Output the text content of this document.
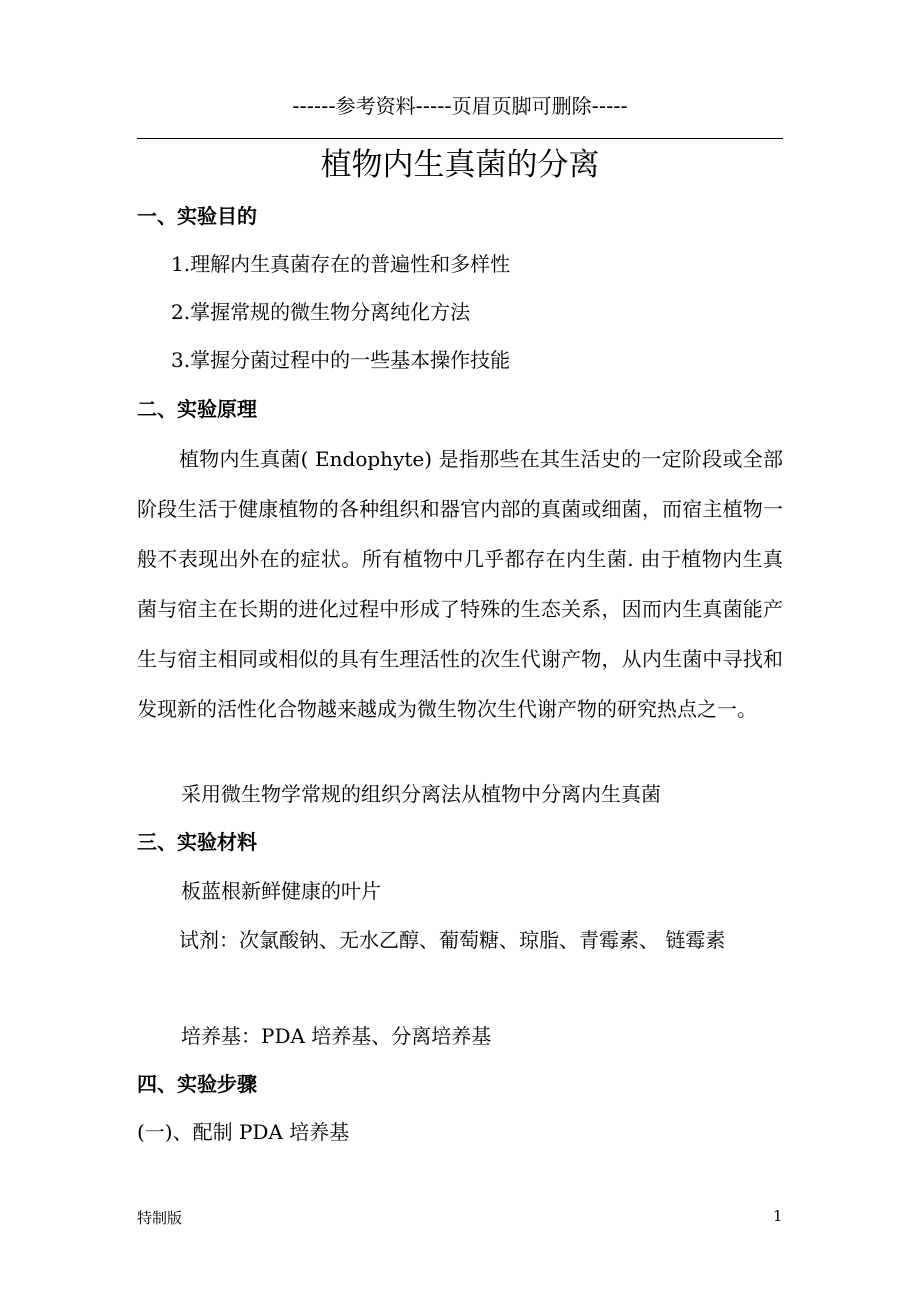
------参考资料-----页眉页脚可删除-----
植物内生真菌的分离
一、实验目的
1.理解内生真菌存在的普遍性和多样性
2.掌握常规的微生物分离纯化方法
3.掌握分菌过程中的一些基本操作技能
二、实验原理
植物内生真菌( Endophyte) 是指那些在其生活史的一定阶段或全部阶段生活于健康植物的各种组织和器官内部的真菌或细菌，而宿主植物一般不表现出外在的症状。所有植物中几乎都存在内生菌. 由于植物内生真菌与宿主在长期的进化过程中形成了特殊的生态关系，因而内生真菌能产生与宿主相同或相似的具有生理活性的次生代谢产物，从内生菌中寻找和发现新的活性化合物越来越成为微生物次生代谢产物的研究热点之一。
采用微生物学常规的组织分离法从植物中分离内生真菌
三、实验材料
板蓝根新鲜健康的叶片
试剂：次氯酸钠、无水乙醇、葡萄糖、琼脂、青霉素、 链霉素
培养基：PDA 培养基、分离培养基
四、实验步骤
(一)、配制 PDA 培养基
特制版	1
